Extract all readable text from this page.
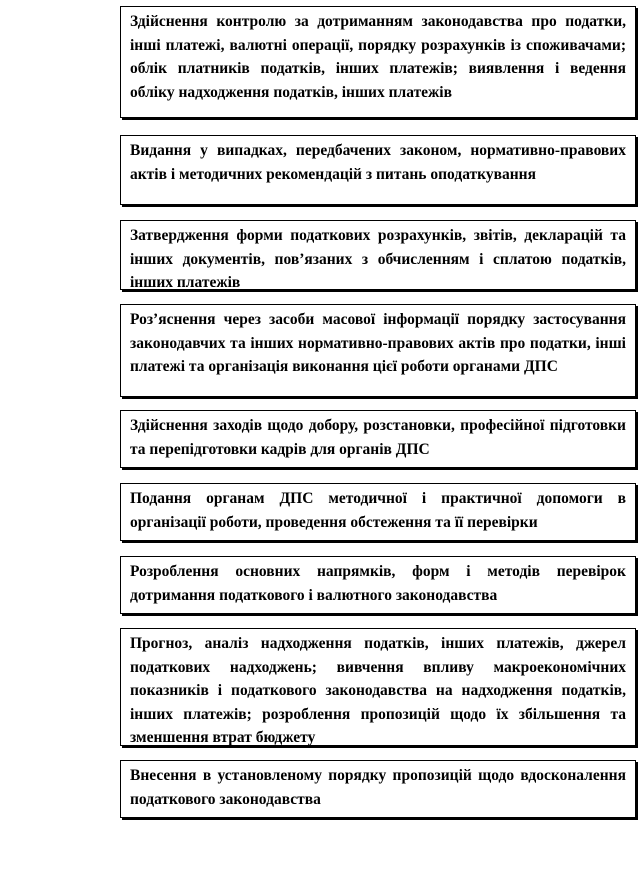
Здійснення контролю за дотриманням законодавства про податки, інші платежі, валютні операції, порядку розрахунків із споживачами; облік платників податків, інших платежів; виявлення і ведення обліку надходження податків, інших платежів
Видання у випадках, передбачених законом, нормативно-правових актів і методичних рекомендацій з питань оподаткування
Затвердження форми податкових розрахунків, звітів, декларацій та інших документів, пов’язаних з обчисленням і сплатою податків, інших платежів
Роз’яснення через засоби масової інформації порядку застосування законодавчих та інших нормативно-правових актів про податки, інші платежі та організація виконання цієї роботи органами ДПС
Здійснення заходів щодо добору, розстановки, професійної підготовки та перепідготовки кадрів для органів ДПС
Подання органам ДПС методичної і практичної допомоги в організації роботи, проведення обстеження та її перевірки
Розроблення основних напрямків, форм і методів перевірок дотримання податкового і валютного законодавства
Прогноз, аналіз надходження податків, інших платежів, джерел податкових надходжень; вивчення впливу макроекономічних показників і податкового законодавства на надходження податків, інших платежів; розроблення пропозицій щодо їх збільшення та зменшення втрат бюджету
Внесення в установленому порядку пропозицій щодо вдосконалення податкового законодавства
